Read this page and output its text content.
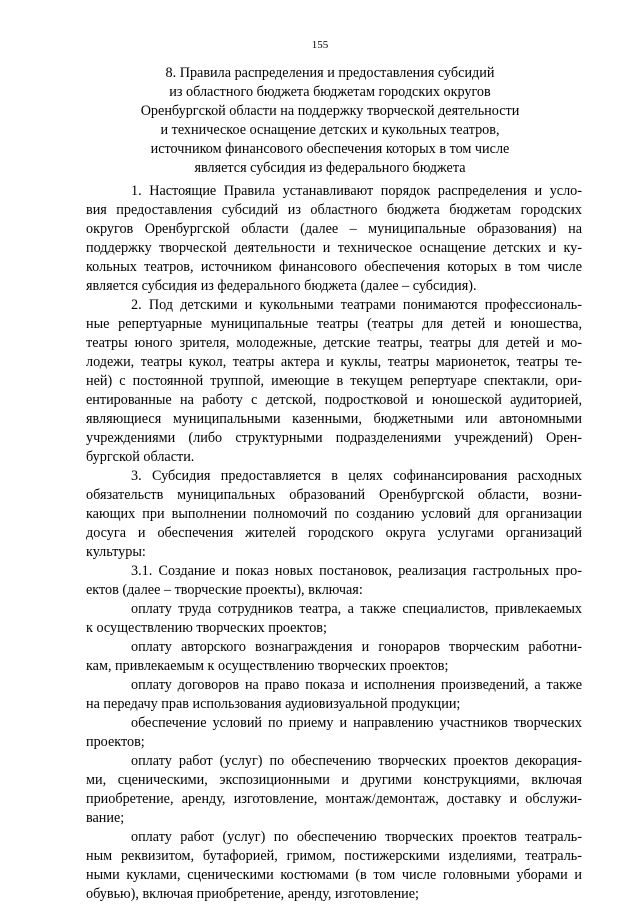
155
8. Правила распределения и предоставления субсидий
из областного бюджета бюджетам городских округов
Оренбургской области на поддержку творческой деятельности
и техническое оснащение детских и кукольных театров,
источником финансового обеспечения которых в том числе
является субсидия из федерального бюджета
1. Настоящие Правила устанавливают порядок распределения и усло-
вия предоставления субсидий из областного бюджета бюджетам городских
округов Оренбургской области (далее – муниципальные образования) на
поддержку творческой деятельности и техническое оснащение детских и ку-
кольных театров, источником финансового обеспечения которых в том числе
является субсидия из федерального бюджета (далее – субсидия).
2. Под детскими и кукольными театрами понимаются профессиональ-
ные репертуарные муниципальные театры (театры для детей и юношества,
театры юного зрителя, молодежные, детские театры, театры для детей и мо-
лодежи, театры кукол, театры актера и куклы, театры марионеток, театры те-
ней) с постоянной труппой, имеющие в текущем репертуаре спектакли, ори-
ентированные на работу с детской, подростковой и юношеской аудиторией,
являющиеся муниципальными казенными, бюджетными или автономными
учреждениями (либо структурными подразделениями учреждений) Орен-
бургской области.
3. Субсидия предоставляется в целях софинансирования расходных
обязательств муниципальных образований Оренбургской области, возни-
кающих при выполнении полномочий по созданию условий для организации
досуга и обеспечения жителей городского округа услугами организаций
культуры:
3.1. Создание и показ новых постановок, реализация гастрольных про-
ектов (далее – творческие проекты), включая:
оплату труда сотрудников театра, а также специалистов, привлекаемых
к осуществлению творческих проектов;
оплату авторского вознаграждения и гонораров творческим работни-
кам, привлекаемым к осуществлению творческих проектов;
оплату договоров на право показа и исполнения произведений, а также
на передачу прав использования аудиовизуальной продукции;
обеспечение условий по приему и направлению участников творческих
проектов;
оплату работ (услуг) по обеспечению творческих проектов декорация-
ми, сценическими, экспозиционными и другими конструкциями, включая
приобретение, аренду, изготовление, монтаж/демонтаж, доставку и обслужи-
вание;
оплату работ (услуг) по обеспечению творческих проектов театраль-
ным реквизитом, бутафорией, гримом, постижерскими изделиями, театраль-
ными куклами, сценическими костюмами (в том числе головными уборами и
обувью), включая приобретение, аренду, изготовление;
